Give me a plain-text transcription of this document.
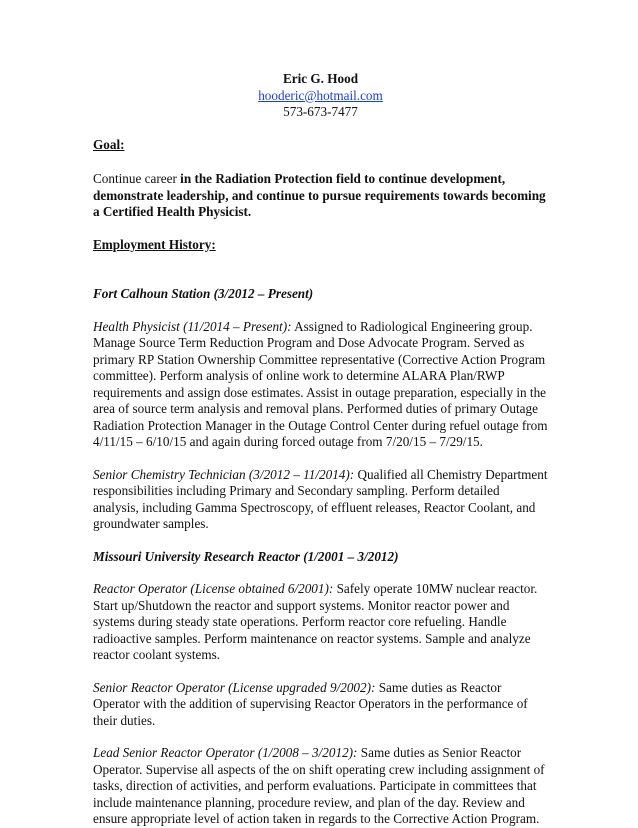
Eric G. Hood
hooderic@hotmail.com
573-673-7477
Goal:
Continue career in the Radiation Protection field to continue development, demonstrate leadership, and continue to pursue requirements towards becoming a Certified Health Physicist.
Employment History:
Fort Calhoun Station (3/2012 – Present)
Health Physicist (11/2014 – Present): Assigned to Radiological Engineering group. Manage Source Term Reduction Program and Dose Advocate Program. Served as primary RP Station Ownership Committee representative (Corrective Action Program committee). Perform analysis of online work to determine ALARA Plan/RWP requirements and assign dose estimates. Assist in outage preparation, especially in the area of source term analysis and removal plans. Performed duties of primary Outage Radiation Protection Manager in the Outage Control Center during refuel outage from 4/11/15 – 6/10/15 and again during forced outage from 7/20/15 – 7/29/15.
Senior Chemistry Technician (3/2012 – 11/2014): Qualified all Chemistry Department responsibilities including Primary and Secondary sampling. Perform detailed analysis, including Gamma Spectroscopy, of effluent releases, Reactor Coolant, and groundwater samples.
Missouri University Research Reactor (1/2001 – 3/2012)
Reactor Operator (License obtained 6/2001): Safely operate 10MW nuclear reactor. Start up/Shutdown the reactor and support systems. Monitor reactor power and systems during steady state operations. Perform reactor core refueling. Handle radioactive samples. Perform maintenance on reactor systems. Sample and analyze reactor coolant systems.
Senior Reactor Operator (License upgraded 9/2002): Same duties as Reactor Operator with the addition of supervising Reactor Operators in the performance of their duties.
Lead Senior Reactor Operator (1/2008 – 3/2012): Same duties as Senior Reactor Operator. Supervise all aspects of the on shift operating crew including assignment of tasks, direction of activities, and perform evaluations. Participate in committees that include maintenance planning, procedure review, and plan of the day. Review and ensure appropriate level of action taken in regards to the Corrective Action Program.
